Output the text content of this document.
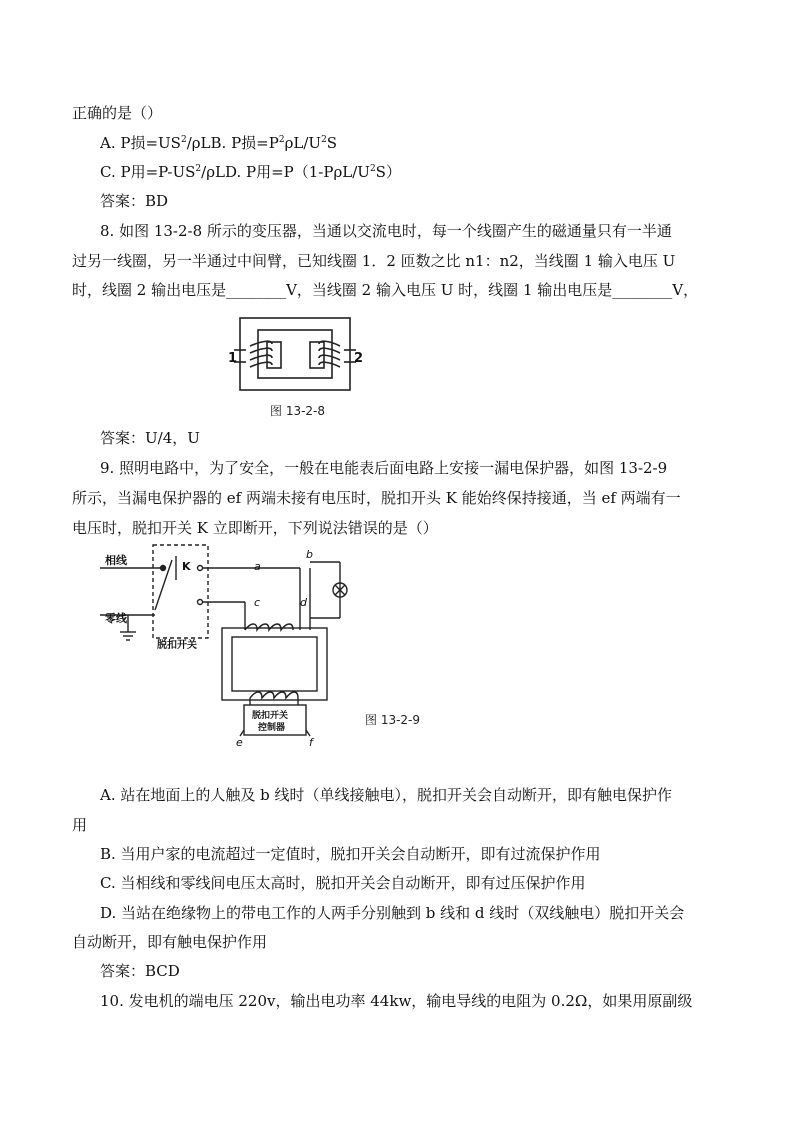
正确的是（）
A. P损$=US^2$/ρLB. P损$=P^2\rho L/U^2S$
C. P用$=P-US^2$/ρLD. P用$=P(1-P\rho L/U^2S)$
答案：BD
8. 如图 13-2-8 所示的变压器，当通以交流电时，每一个线圈产生的磁通量只有一半通
过另一线圈，另一半通过中间臂，已知线圈 1．2 匝数之比 n1：n2，当线圈 1 输入电压 U
时，线圈 2 输出电压是________V，当线圈 2 输入电压 U 时，线圈 1 输出电压是________V，
1	2
图 13-2-8
答案：U/4，U
9. 照明电路中，为了安全，一般在电能表后面电路上安接一漏电保护器，如图 13-2-9
所示，当漏电保护器的 ef 两端未接有电压时，脱扣开头 K 能始终保持接通，当 ef 两端有一
电压时，脱扣开关 K 立即断开，下列说法错误的是（）
相线
零线
脱扣开关
K	a
b
c	d
e	f
脱扣开关
控制器
图 13-2-9
A. 站在地面上的人触及 b 线时（单线接触电），脱扣开关会自动断开，即有触电保护作
用
B. 当用户家的电流超过一定值时，脱扣开关会自动断开，即有过流保护作用
C. 当相线和零线间电压太高时，脱扣开关会自动断开，即有过压保护作用
D. 当站在绝缘物上的带电工作的人两手分别触到 b 线和 d 线时（双线触电）脱扣开关会
自动断开，即有触电保护作用
答案：BCD
10. 发电机的端电压 220v，输出电功率 44kw，输电导线的电阻为 0.2Ω，如果用原副级
